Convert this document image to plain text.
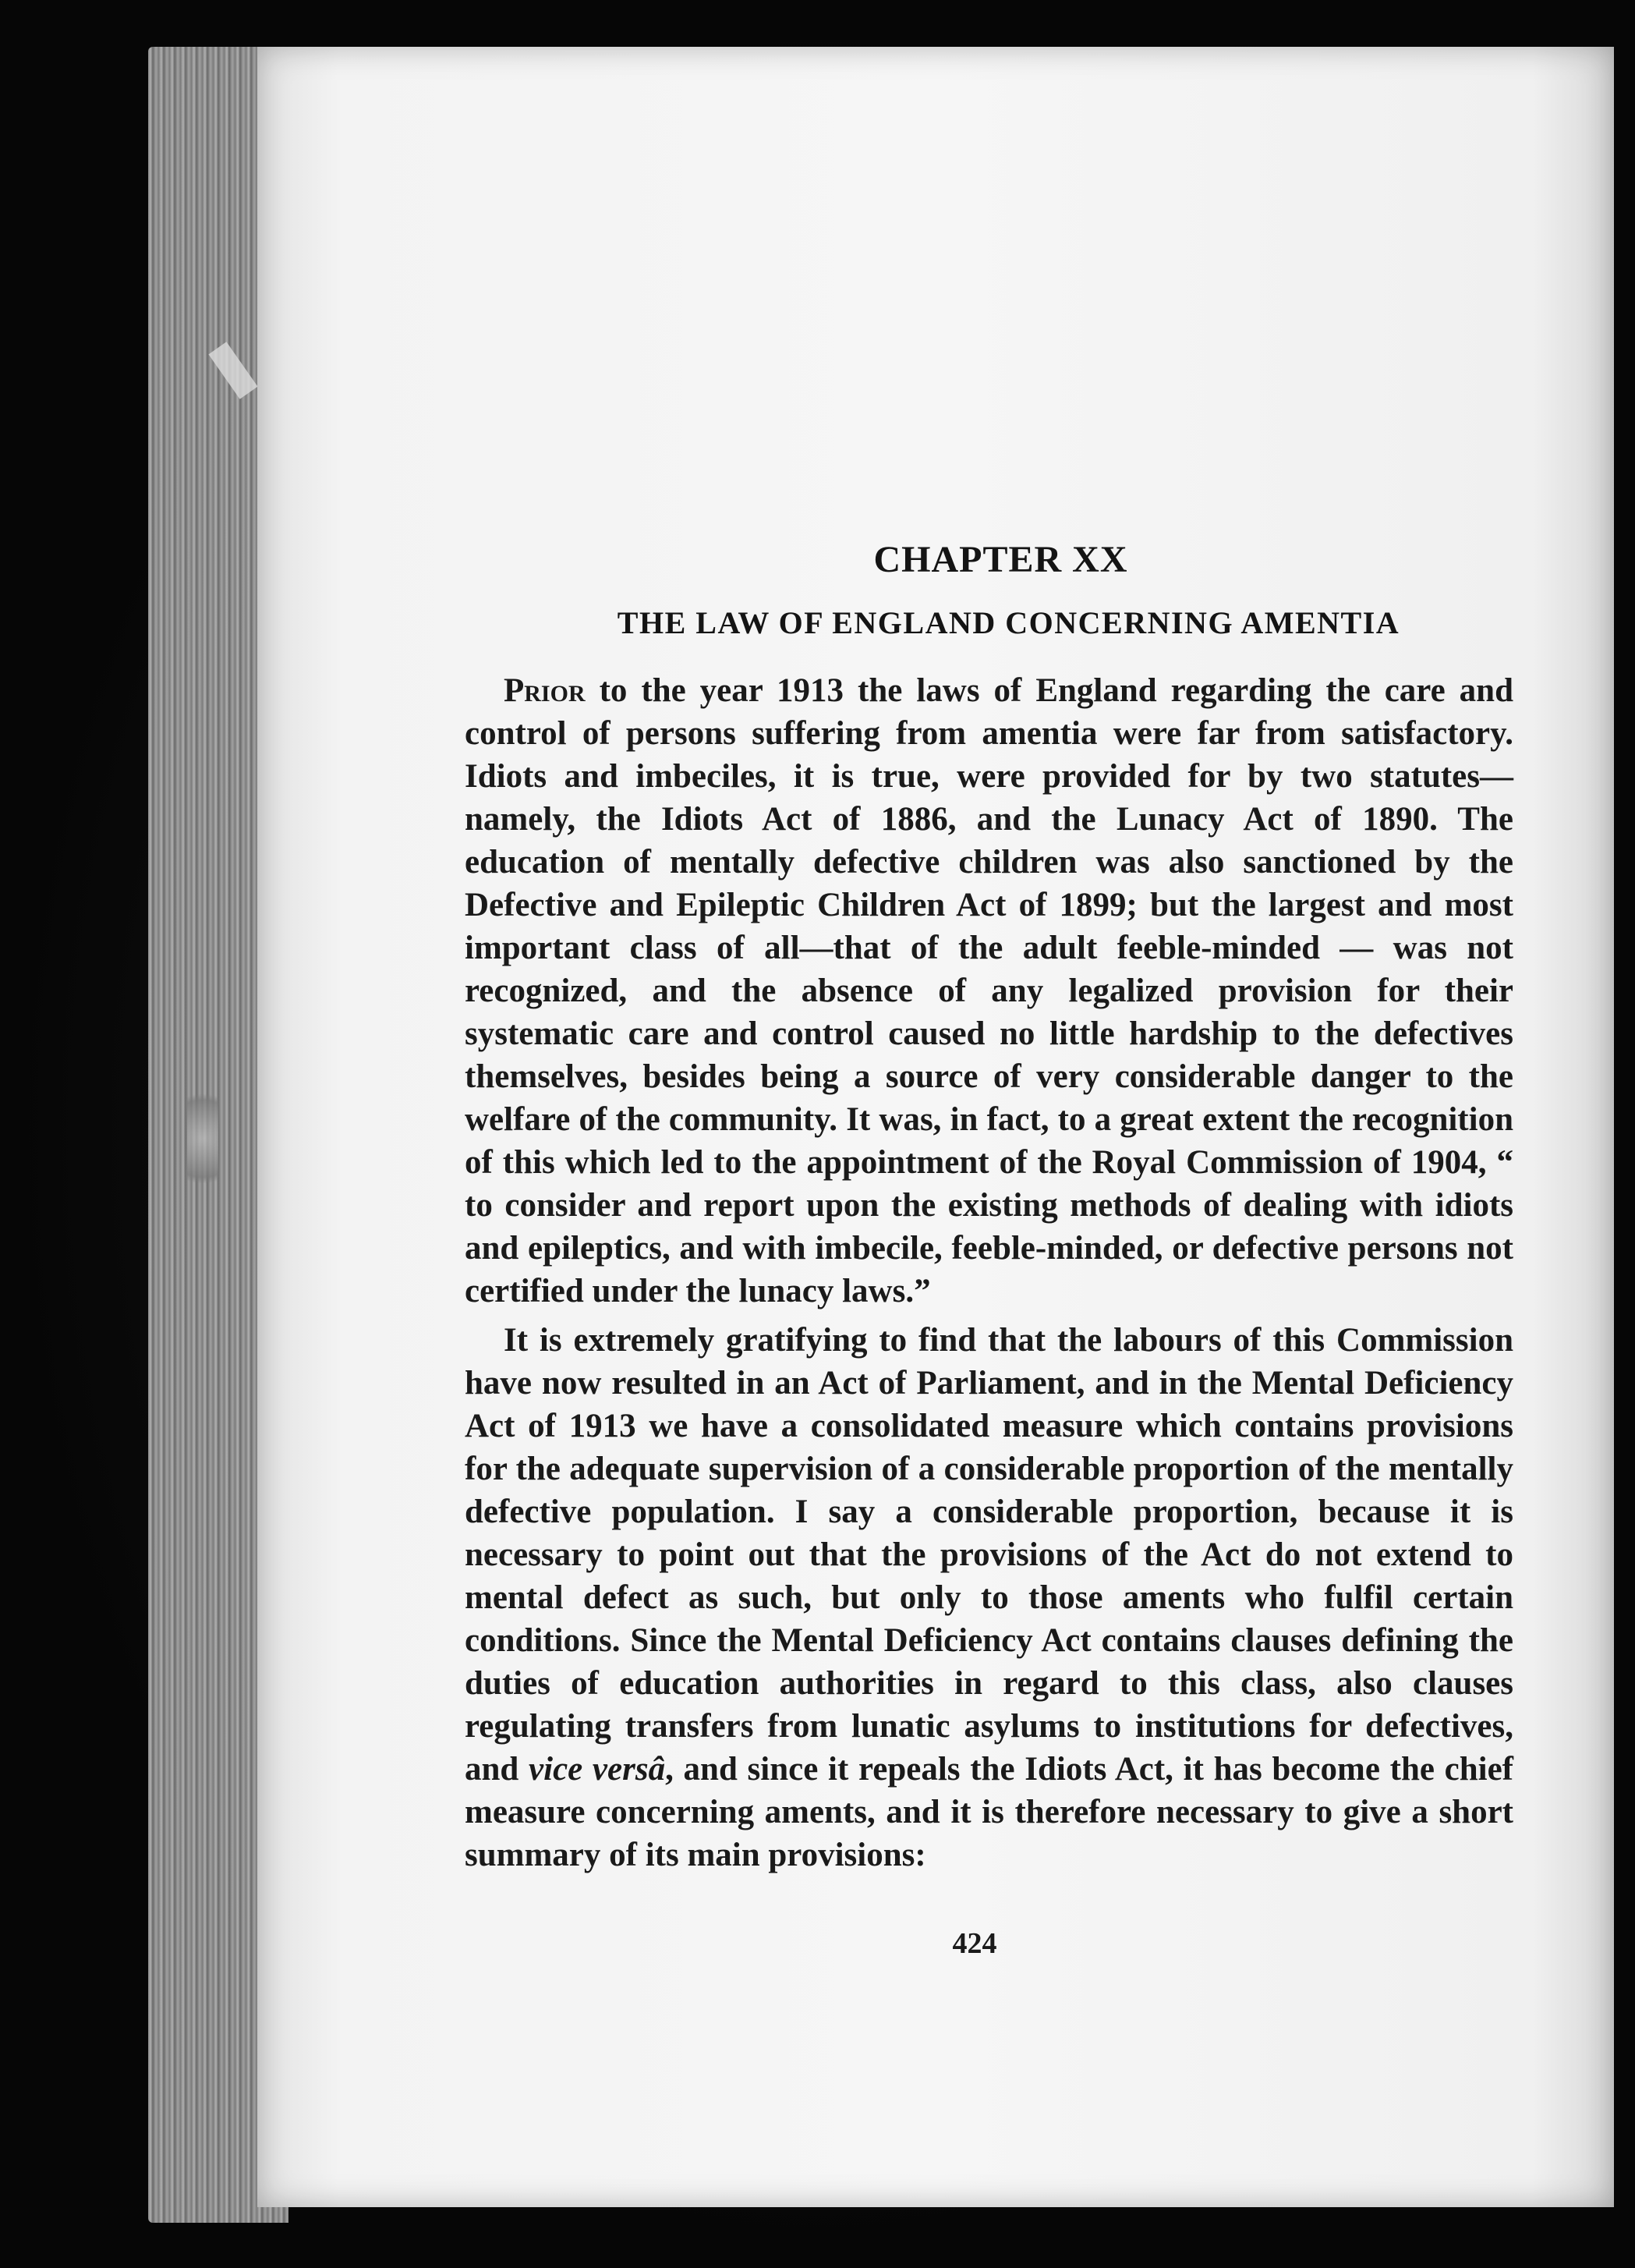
CHAPTER XX
THE LAW OF ENGLAND CONCERNING AMENTIA

Prior to the year 1913 the laws of England regarding the care and control of persons suffering from amentia were far from satisfactory. Idiots and imbeciles, it is true, were provided for by two statutes—namely, the Idiots Act of 1886, and the Lunacy Act of 1890. The education of mentally defective children was also sanctioned by the Defective and Epileptic Children Act of 1899; but the largest and most important class of all—that of the adult feeble-minded — was not recognized, and the absence of any legalized provision for their systematic care and control caused no little hardship to the defectives themselves, besides being a source of very considerable danger to the welfare of the community. It was, in fact, to a great extent the recognition of this which led to the appointment of the Royal Commission of 1904, “ to consider and report upon the existing methods of dealing with idiots and epileptics, and with imbecile, feeble-minded, or defective persons not certified under the lunacy laws.”

It is extremely gratifying to find that the labours of this Commission have now resulted in an Act of Parliament, and in the Mental Deficiency Act of 1913 we have a consolidated measure which contains provisions for the adequate supervision of a considerable proportion of the mentally defective population. I say a considerable proportion, because it is necessary to point out that the provisions of the Act do not extend to mental defect as such, but only to those aments who fulfil certain conditions. Since the Mental Deficiency Act contains clauses defining the duties of education authorities in regard to this class, also clauses regulating transfers from lunatic asylums to institutions for defectives, and vice versâ, and since it repeals the Idiots Act, it has become the chief measure concerning aments, and it is therefore necessary to give a short summary of its main provisions:

424
